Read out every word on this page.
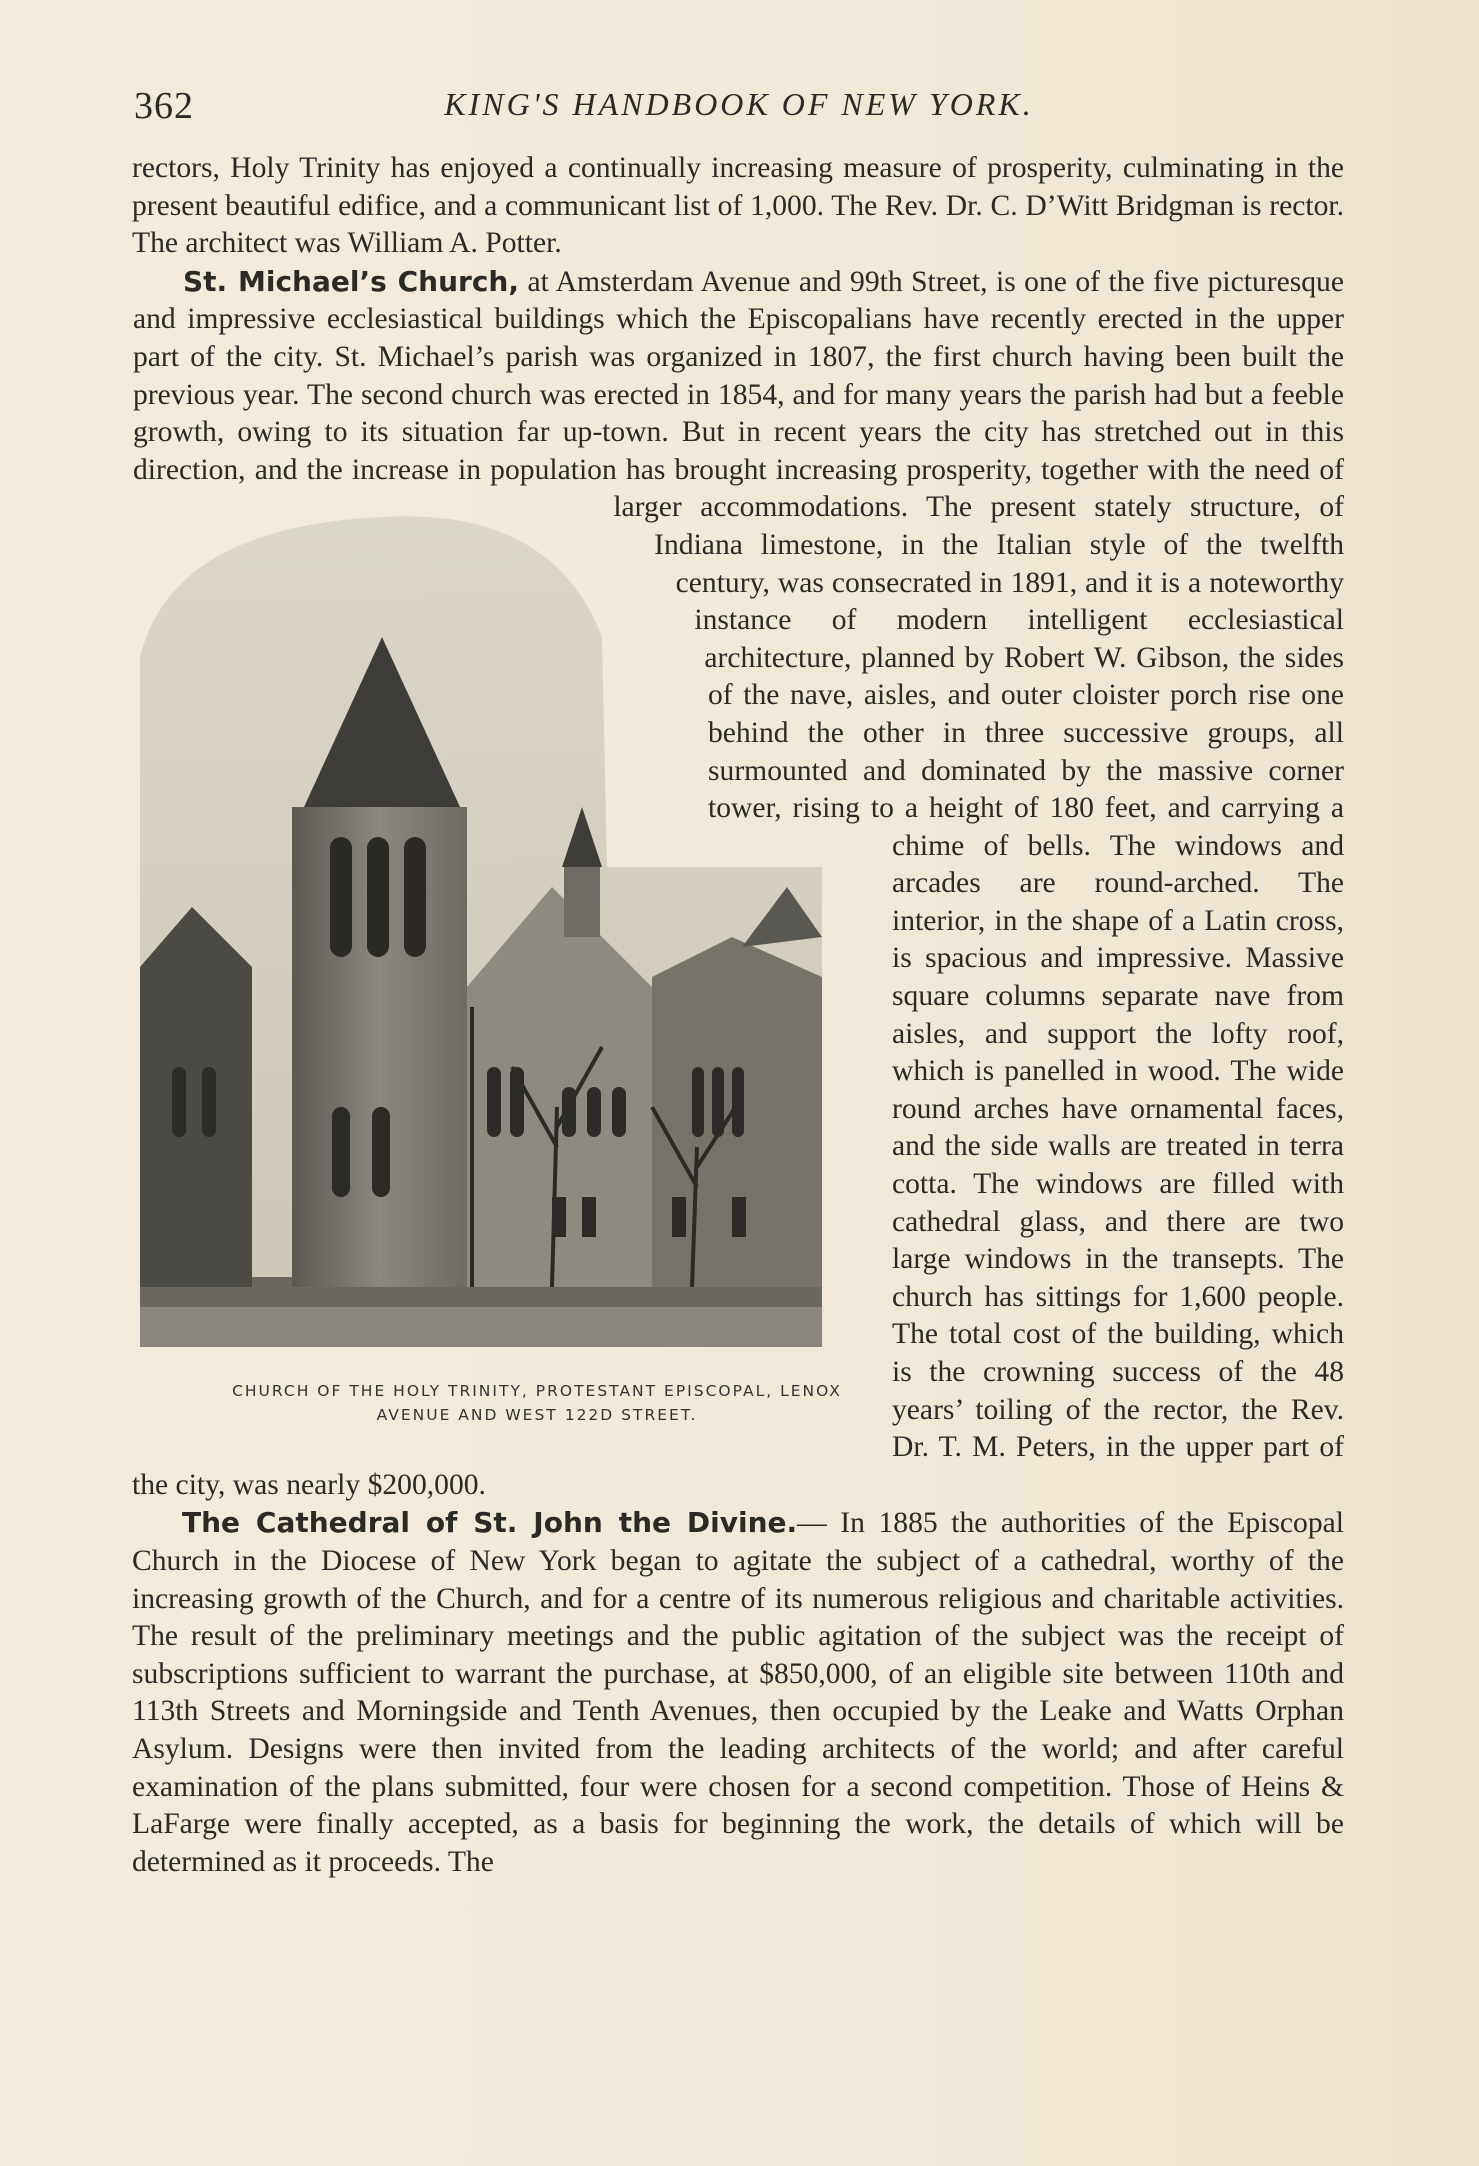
362	KING'S HANDBOOK OF NEW YORK.

rectors, Holy Trinity has enjoyed a continually increasing measure of prosperity, culminating in the present beautiful edifice, and a communicant list of 1,000. The Rev. Dr. C. D’Witt Bridgman is rector. The architect was William A. Potter.

CHURCH OF THE HOLY TRINITY, PROTESTANT EPISCOPAL, LENOX
AVENUE AND WEST 122D STREET.
St. Michael’s Church, at Amsterdam Avenue and 99th Street, is one of the five picturesque and impressive ecclesiastical buildings which the Episcopalians have recently erected in the upper part of the city. St. Michael’s parish was organized in 1807, the first church having been built the previous year. The second church was erected in 1854, and for many years the parish had but a feeble growth, owing to its situation far up-town. But in recent years the city has stretched out in this direction, and the increase in population has brought increasing prosperity, together with the need of larger accommodations. The present stately structure, of Indiana limestone, in the Italian style of the twelfth century, was consecrated in 1891, and it is a noteworthy instance of modern intelligent ecclesiastical architecture, planned by Robert W. Gibson, the sides of the nave, aisles, and outer cloister porch rise one behind the other in three successive groups, all surmounted and dominated by the massive corner tower, rising to a height of 180 feet, and carrying a chime of bells. The windows and arcades are round-arched. The interior, in the shape of a Latin cross, is spacious and impressive. Massive square columns separate nave from aisles, and support the lofty roof, which is panelled in wood. The wide round arches have ornamental faces, and the side walls are treated in terra cotta. The windows are filled with cathedral glass, and there are two large windows in the transepts. The church has sittings for 1,600 people. The total cost of the building, which is the crowning success of the 48 years’ toiling of the rector, the Rev. Dr. T. M. Peters, in the upper part of the city, was nearly $200,000.

The Cathedral of St. John the Divine.— In 1885 the authorities of the Episcopal Church in the Diocese of New York began to agitate the subject of a cathedral, worthy of the increasing growth of the Church, and for a centre of its numerous religious and charitable activities. The result of the preliminary meetings and the public agitation of the subject was the receipt of subscriptions sufficient to warrant the purchase, at $850,000, of an eligible site between 110th and 113th Streets and Morningside and Tenth Avenues, then occupied by the Leake and Watts Orphan Asylum. Designs were then invited from the leading architects of the world; and after careful examination of the plans submitted, four were chosen for a second competition. Those of Heins & LaFarge were finally accepted, as a basis for beginning the work, the details of which will be determined as it proceeds. The
